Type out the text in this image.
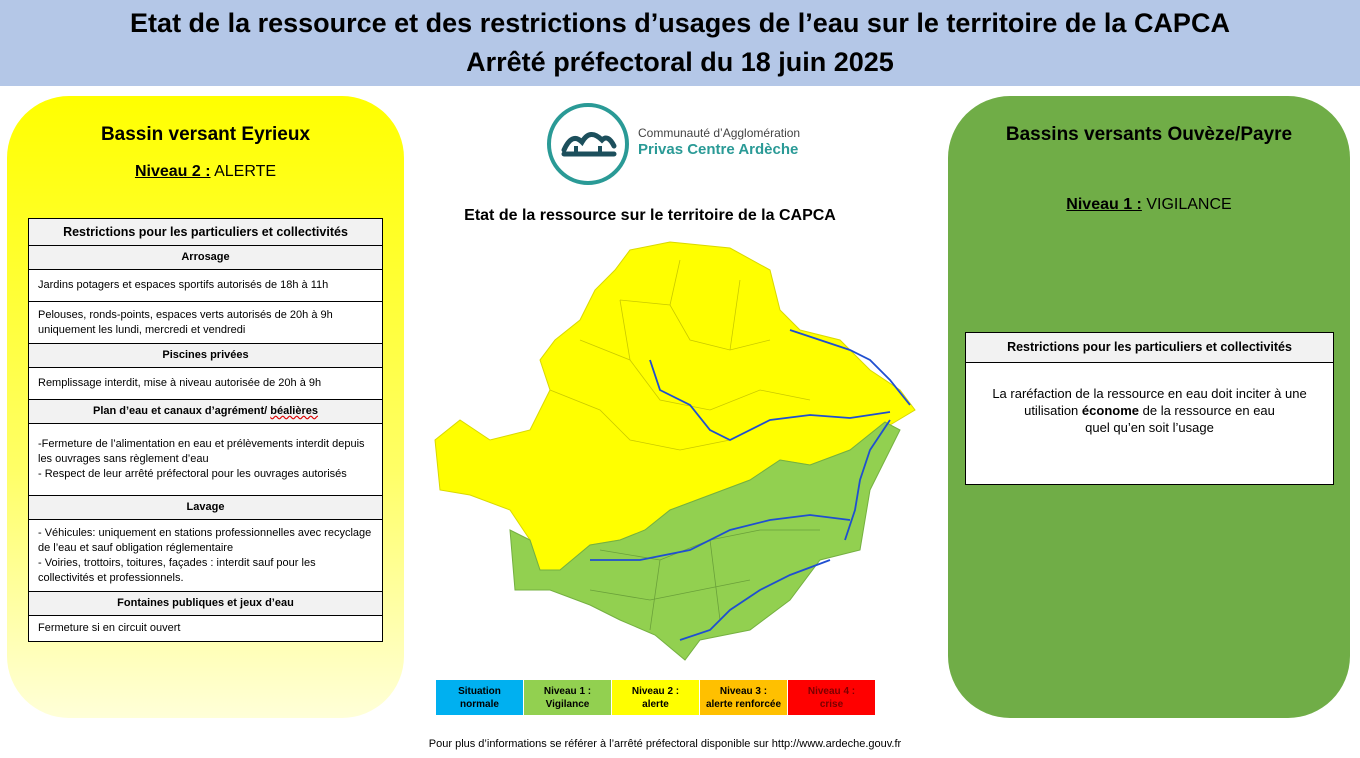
Etat de la ressource et des restrictions d’usages de l’eau sur le territoire de la CAPCA
Arrêté préfectoral du 18 juin 2025
Bassin versant Eyrieux
Niveau 2 : ALERTE
Restrictions pour les particuliers et collectivités
Arrosage
Jardins potagers et espaces sportifs autorisés de 18h à 11h
Pelouses, ronds-points, espaces verts autorisés de 20h à 9h uniquement les lundi, mercredi et vendredi
Piscines privées
Remplissage interdit, mise à niveau autorisée de 20h à 9h
Plan d’eau et canaux d’agrément/ béalières
-Fermeture de l’alimentation en eau et prélèvements interdit depuis les ouvrages sans règlement d’eau
- Respect de leur arrêté préfectoral pour les ouvrages autorisés
Lavage
- Véhicules: uniquement en stations professionnelles avec recyclage de l’eau et sauf obligation réglementaire
- Voiries, trottoirs, toitures, façades : interdit sauf pour les collectivités et professionnels.
Fontaines publiques et jeux d’eau
Fermeture si en circuit ouvert
Communauté d’Agglomération
Privas Centre Ardèche
Etat de la ressource sur le territoire de la CAPCA
Situation
normale
Niveau 1 :
Vigilance
Niveau 2 :
alerte
Niveau 3 :
alerte renforcée
Niveau 4 :
crise
Bassins versants Ouvèze/Payre
Niveau 1 : VIGILANCE
Restrictions pour les particuliers et collectivités
La raréfaction de la ressource en eau doit inciter à une
utilisation économe de la ressource en eau
quel qu’en soit l’usage
Pour plus d’informations se référer à l’arrêté préfectoral disponible sur http://www.ardeche.gouv.fr
